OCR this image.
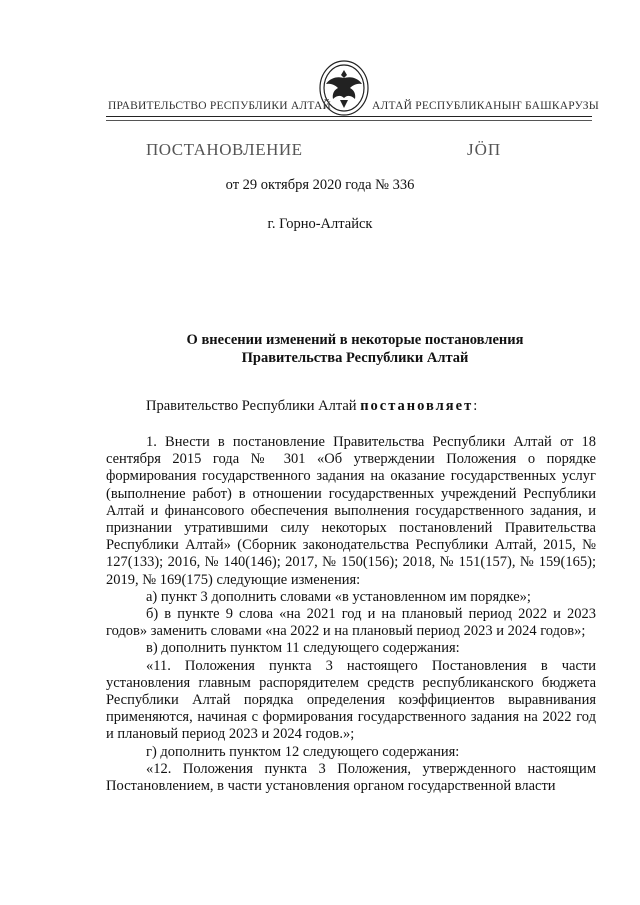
ПРАВИТЕЛЬСТВО РЕСПУБЛИКИ АЛТАЙ	АЛТАЙ РЕСПУБЛИКАНЫҤ БАШКАРУЗЫ
ПОСТАНОВЛЕНИЕ	ЈӦП
от 29 октября 2020 года № 336
г. Горно-Алтайск
О внесении изменений в некоторые постановления
Правительства Республики Алтай

Правительство Республики Алтай постановляет:

1. Внести в постановление Правительства Республики Алтай от 18 сентября 2015 года № 301 «Об утверждении Положения о порядке формирования государственного задания на оказание государственных услуг (выполнение работ) в отношении государственных учреждений Республики Алтай и финансового обеспечения выполнения государственного задания, и признании утратившими силу некоторых постановлений Правительства Республики Алтай» (Сборник законодательства Республики Алтай, 2015, № 127(133); 2016, № 140(146); 2017, № 150(156); 2018, № 151(157), № 159(165); 2019, № 169(175) следующие изменения:

а) пункт 3 дополнить словами «в установленном им порядке»;

б) в пункте 9 слова «на 2021 год и на плановый период 2022 и 2023 годов» заменить словами «на 2022 и на плановый период 2023 и 2024 годов»;

в) дополнить пунктом 11 следующего содержания:

«11. Положения пункта 3 настоящего Постановления в части установления главным распорядителем средств республиканского бюджета Республики Алтай порядка определения коэффициентов выравнивания применяются, начиная с формирования государственного задания на 2022 год и плановый период 2023 и 2024 годов.»;

г) дополнить пунктом 12 следующего содержания:

«12. Положения пункта 3 Положения, утвержденного настоящим Постановлением, в части установления органом государственной власти
